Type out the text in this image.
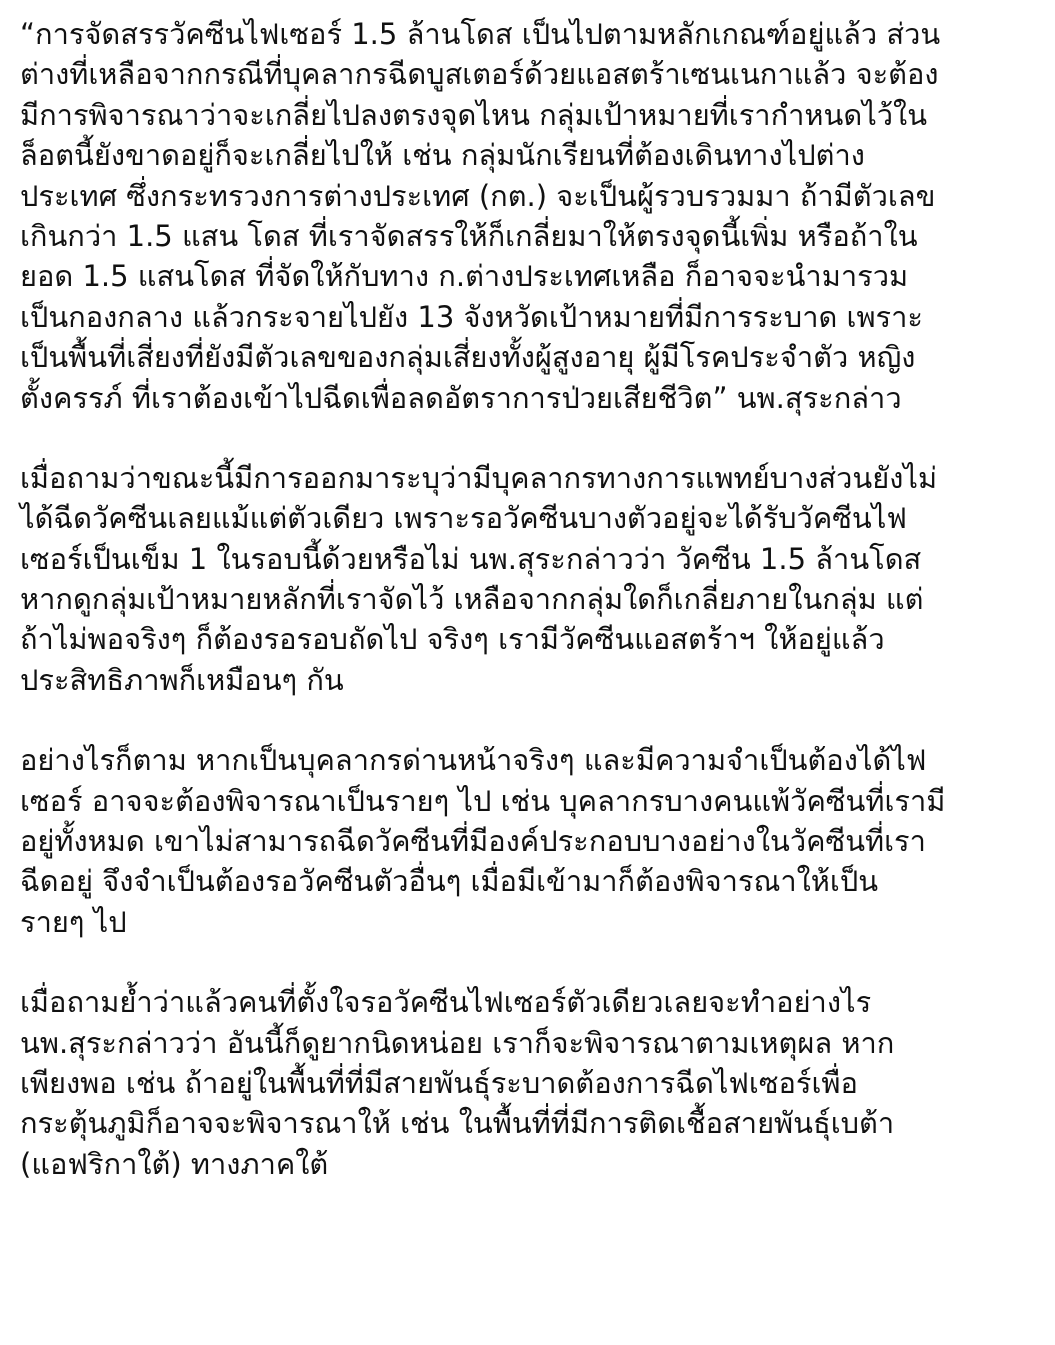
“การจัดสรรวัคซีนไฟเซอร์ 1.5 ล้านโดส เป็นไปตามหลักเกณฑ์อยู่แล้ว ส่วน
ต่างที่เหลือจากกรณีที่บุคลากรฉีดบูสเตอร์ด้วยแอสตร้าเซนเนกาแล้ว จะต้อง
มีการพิจารณาว่าจะเกลี่ยไปลงตรงจุดไหน กลุ่มเป้าหมายที่เรากำหนดไว้ใน
ล็อตนี้ยังขาดอยู่ก็จะเกลี่ยไปให้ เช่น กลุ่มนักเรียนที่ต้องเดินทางไปต่าง
ประเทศ ซึ่งกระทรวงการต่างประเทศ (กต.) จะเป็นผู้รวบรวมมา ถ้ามีตัวเลข
เกินกว่า 1.5 แสน โดส ที่เราจัดสรรให้ก็เกลี่ยมาให้ตรงจุดนี้เพิ่ม หรือถ้าใน
ยอด 1.5 แสนโดส ที่จัดให้กับทาง ก.ต่างประเทศเหลือ ก็อาจจะนำมารวม
เป็นกองกลาง แล้วกระจายไปยัง 13 จังหวัดเป้าหมายที่มีการระบาด เพราะ
เป็นพื้นที่เสี่ยงที่ยังมีตัวเลขของกลุ่มเสี่ยงทั้งผู้สูงอายุ ผู้มีโรคประจำตัว หญิง
ตั้งครรภ์ ที่เราต้องเข้าไปฉีดเพื่อลดอัตราการป่วยเสียชีวิต” นพ.สุระกล่าว
เมื่อถามว่าขณะนี้มีการออกมาระบุว่ามีบุคลากรทางการแพทย์บางส่วนยังไม่
ได้ฉีดวัคซีนเลยแม้แต่ตัวเดียว เพราะรอวัคซีนบางตัวอยู่จะได้รับวัคซีนไฟ
เซอร์เป็นเข็ม 1 ในรอบนี้ด้วยหรือไม่ นพ.สุระกล่าวว่า วัคซีน 1.5 ล้านโดส
หากดูกลุ่มเป้าหมายหลักที่เราจัดไว้ เหลือจากกลุ่มใดก็เกลี่ยภายในกลุ่ม แต่
ถ้าไม่พอจริงๆ ก็ต้องรอรอบถัดไป จริงๆ เรามีวัคซีนแอสตร้าฯ ให้อยู่แล้ว
ประสิทธิภาพก็เหมือนๆ กัน
อย่างไรก็ตาม หากเป็นบุคลากรด่านหน้าจริงๆ และมีความจำเป็นต้องได้ไฟ
เซอร์ อาจจะต้องพิจารณาเป็นรายๆ ไป เช่น บุคลากรบางคนแพ้วัคซีนที่เรามี
อยู่ทั้งหมด เขาไม่สามารถฉีดวัคซีนที่มีองค์ประกอบบางอย่างในวัคซีนที่เรา
ฉีดอยู่ จึงจำเป็นต้องรอวัคซีนตัวอื่นๆ เมื่อมีเข้ามาก็ต้องพิจารณาให้เป็น
รายๆ ไป
เมื่อถามย้ำว่าแล้วคนที่ตั้งใจรอวัคซีนไฟเซอร์ตัวเดียวเลยจะทำอย่างไร
นพ.สุระกล่าวว่า อันนี้ก็ดูยากนิดหน่อย เราก็จะพิจารณาตามเหตุผล หาก
เพียงพอ เช่น ถ้าอยู่ในพื้นที่ที่มีสายพันธุ์ระบาดต้องการฉีดไฟเซอร์เพื่อ
กระตุ้นภูมิก็อาจจะพิจารณาให้ เช่น ในพื้นที่ที่มีการติดเชื้อสายพันธุ์เบต้า
(แอฟริกาใต้) ทางภาคใต้
